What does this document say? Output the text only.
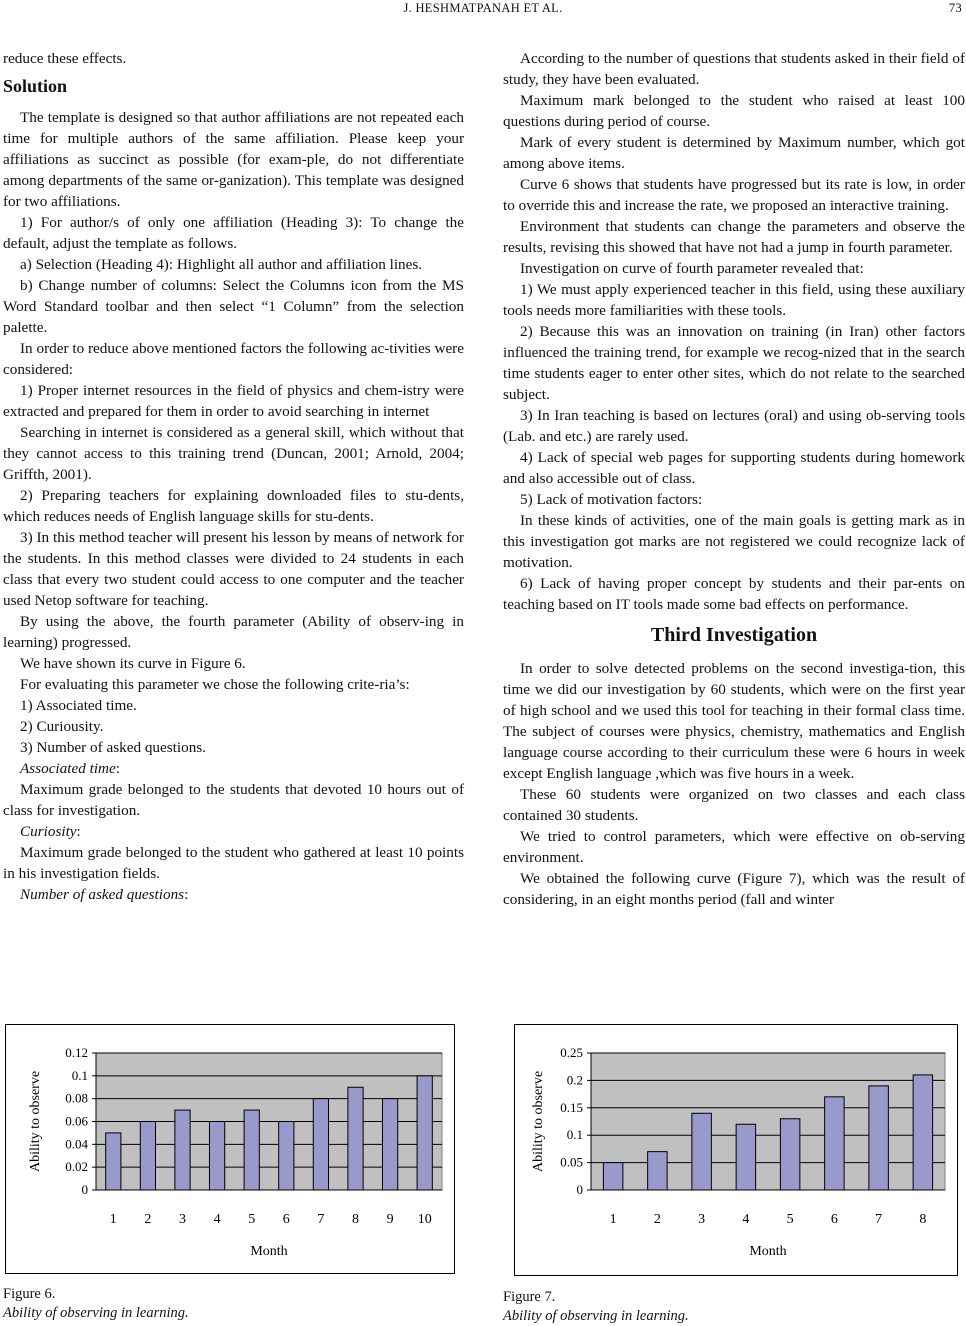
J. HESHMATPANAH ET AL.	73

reduce these effects.

Solution

The template is designed so that author affiliations are not repeated each time for multiple authors of the same affiliation. Please keep your affiliations as succinct as possible (for exam-ple, do not differentiate among departments of the same or-ganization). This template was designed for two affiliations.

1) For author/s of only one affiliation (Heading 3): To change the default, adjust the template as follows.

a) Selection (Heading 4): Highlight all author and affiliation lines.

b) Change number of columns: Select the Columns icon from the MS Word Standard toolbar and then select “1 Column” from the selection palette.

In order to reduce above mentioned factors the following ac-tivities were considered:

1) Proper internet resources in the field of physics and chem-istry were extracted and prepared for them in order to avoid searching in internet

Searching in internet is considered as a general skill, which without that they cannot access to this training trend (Duncan, 2001; Arnold, 2004; Griffth, 2001).

2) Preparing teachers for explaining downloaded files to stu-dents, which reduces needs of English language skills for stu-dents.

3) In this method teacher will present his lesson by means of network for the students. In this method classes were divided to 24 students in each class that every two student could access to one computer and the teacher used Netop software for teaching.

By using the above, the fourth parameter (Ability of observ-ing in learning) progressed.

We have shown its curve in Figure 6.

For evaluating this parameter we chose the following crite-ria’s:

1) Associated time.

2) Curiousity.

3) Number of asked questions.

Associated time:

Maximum grade belonged to the students that devoted 10 hours out of class for investigation.

Curiosity:

Maximum grade belonged to the student who gathered at least 10 points in his investigation fields.

Number of asked questions:

According to the number of questions that students asked in their field of study, they have been evaluated.

Maximum mark belonged to the student who raised at least 100 questions during period of course.

Mark of every student is determined by Maximum number, which got among above items.

Curve 6 shows that students have progressed but its rate is low, in order to override this and increase the rate, we proposed an interactive training.

Environment that students can change the parameters and observe the results, revising this showed that have not had a jump in fourth parameter.

Investigation on curve of fourth parameter revealed that:

1) We must apply experienced teacher in this field, using these auxiliary tools needs more familiarities with these tools.

2) Because this was an innovation on training (in Iran) other factors influenced the training trend, for example we recog-nized that in the search time students eager to enter other sites, which do not relate to the searched subject.

3) In Iran teaching is based on lectures (oral) and using ob-serving tools (Lab. and etc.) are rarely used.

4) Lack of special web pages for supporting students during homework and also accessible out of class.

5) Lack of motivation factors:

In these kinds of activities, one of the main goals is getting mark as in this investigation got marks are not registered we could recognize lack of motivation.

6) Lack of having proper concept by students and their par-ents on teaching based on IT tools made some bad effects on performance.

Third Investigation

In order to solve detected problems on the second investiga-tion, this time we did our investigation by 60 students, which were on the first year of high school and we used this tool for teaching in their formal class time. The subject of courses were physics, chemistry, mathematics and English language course according to their curriculum these were 6 hours in week except English language ,which was five hours in a week.

These 60 students were organized on two classes and each class contained 30 students.

We tried to control parameters, which were effective on ob-serving environment.

We obtained the following curve (Figure 7), which was the result of considering, in an eight months period (fall and winter

0
0.02
0.04
0.06
0.08
0.1
0.12
1 2 3 4 5 6 7 8 9 10
Month
Ability to observe
Figure 6.
Ability of observing in learning.
0
0.05
0.1
0.15
0.2
0.25
1	2	3	4	5	6	7	8
Month
Ability to observe
Figure 7.
Ability of observing in learning.
